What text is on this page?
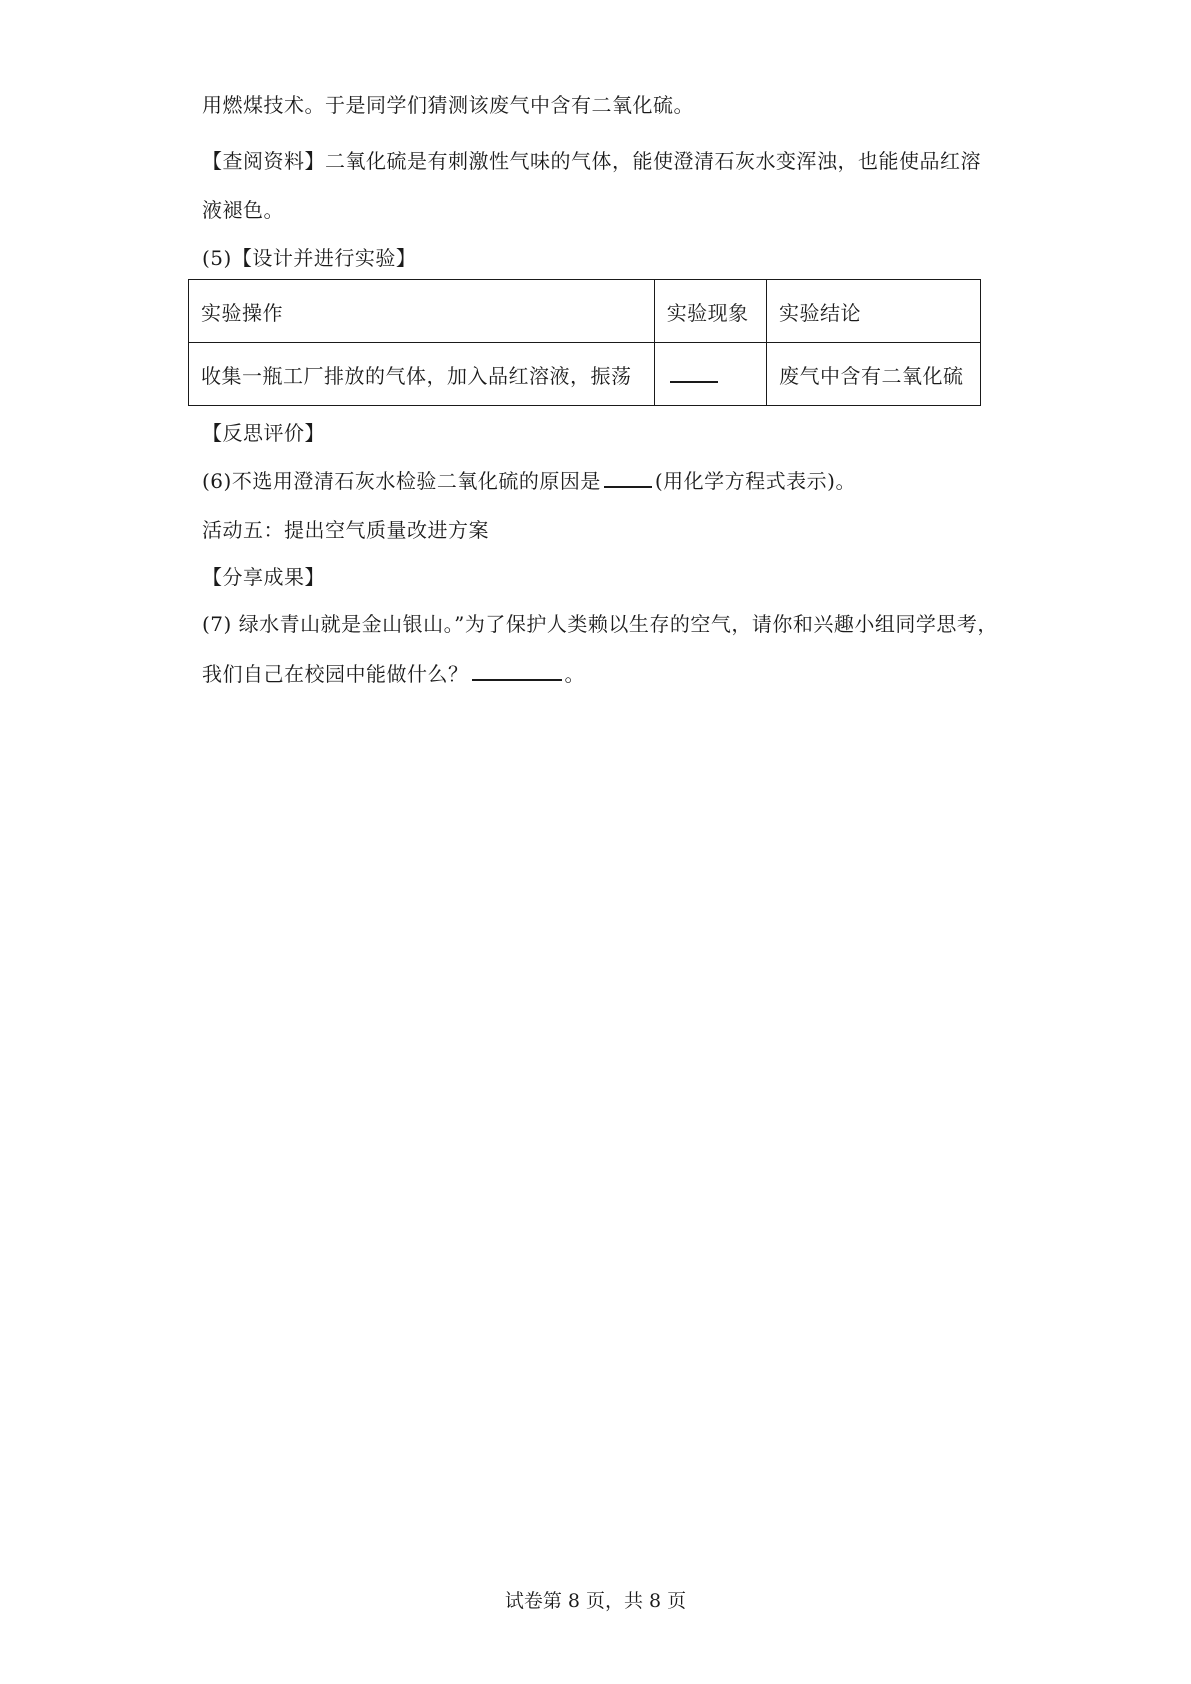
用燃煤技术。于是同学们猜测该废气中含有二氧化硫。
【查阅资料】二氧化硫是有刺激性气味的气体，能使澄清石灰水变浑浊，也能使品红溶
液褪色。
(5)【设计并进行实验】
实验操作	实验现象	实验结论
收集一瓶工厂排放的气体，加入品红溶液，振荡		废气中含有二氧化硫
【反思评价】
(6)不选用澄清石灰水检验二氧化硫的原因是	(用化学方程式表示)。
活动五：提出空气质量改进方案
【分享成果】
(7) 绿水青山就是金山银山。”为了保护人类赖以生存的空气，请你和兴趣小组同学思考，
我们自己在校园中能做什么？	。
试卷第 8 页，共 8 页
